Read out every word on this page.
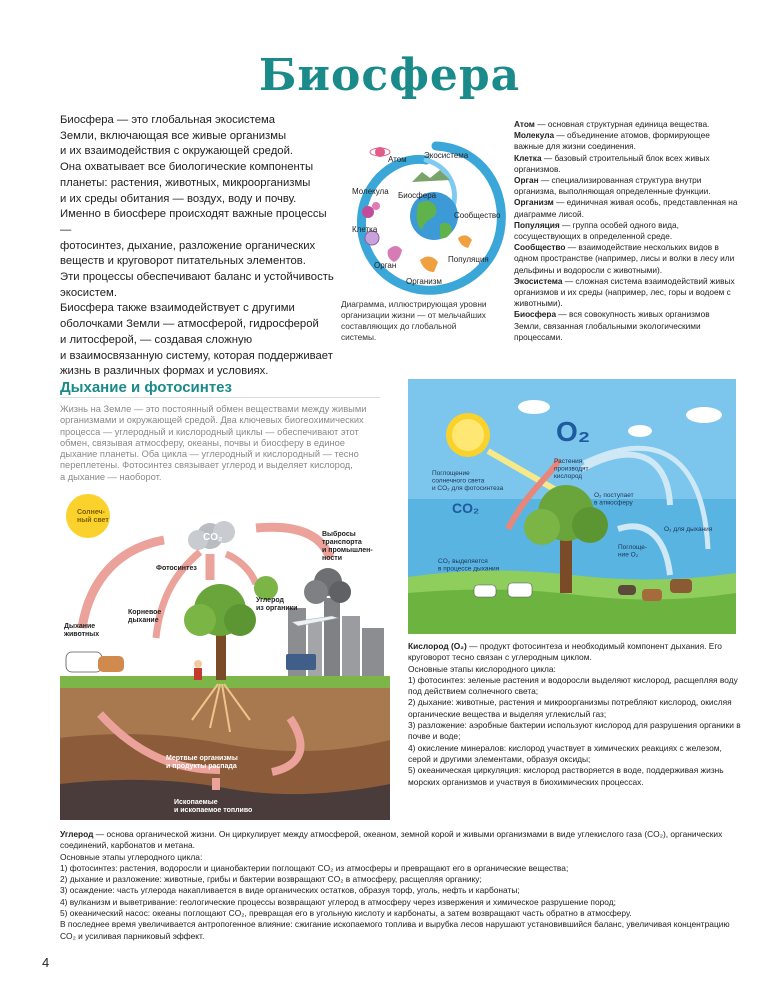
Биосфера

Биосфера — это глобальная экосистема

Земли, включающая все живые организмы

и их взаимодействия с окружающей средой.

Она охватывает все биологические компоненты

планеты: растения, животных, микроорганизмы

и их среды обитания — воздух, воду и почву.

Именно в биосфере происходят важные процессы —

фотосинтез, дыхание, разложение органических

веществ и круговорот питательных элементов.

Эти процессы обеспечивают баланс и устойчивость

экосистем.

Биосфера также взаимодействует с другими

оболочками Земли — атмосферой, гидросферой

и литосферой, — создавая сложную

и взаимосвязанную систему, которая поддерживает

жизнь в различных формах и условиях.

Атом Экосистема
Молекула Биосфера
Сообщество
Клетка
Популяция
Орган
Организм
Диаграмма, иллюстрирующая уровни
организации жизни — от мельчайших
составляющих до глобальной
системы.

Атом — основная структурная единица вещества.

Молекула — объединение атомов, формирующее важные для жизни соединения.

Клетка — базовый строительный блок всех живых организмов.

Орган — специализированная структура внутри организма, выполняющая определенные функции.

Организм — единичная живая особь, представленная на диаграмме лисой.

Популяция — группа особей одного вида, сосуществующих в определенной среде.

Сообщество — взаимодействие нескольких видов в одном пространстве (например, лисы и волки в лесу или дельфины и водоросли с животными).

Экосистема — сложная система взаимодействий живых организмов и их среды (например, лес, горы и водоем с животными).

Биосфера — вся совокупность живых организмов Земли, связанная глобальными экологическими процессами.

Дыхание и фотосинтез
Жизнь на Земле — это постоянный обмен веществами между живыми
организмами и окружающей средой. Два ключевых биогеохимических
процесса — углеродный и кислородный циклы — обеспечивают этот
обмен, связывая атмосферу, океаны, почвы и биосферу в единое
дыхание планеты. Оба цикла — углеродный и кислородный — тесно
переплетены. Фотосинтез связывает углерод и выделяет кислород,
а дыхание — наоборот.
CO₂
Солнеч-ный свет
Фотосинтез
Корневое дыхание
Дыхание животных
Углерод из органики
Выбросы транспорта и промышлен-ности
Мертвые организмы и продукты распада
Ископаемые и ископаемое топливо
O₂
CO₂
Растения производят кислород
Поглощение солнечного света и CO₂ для фотосинтеза
O₂ поступает в атмосферу
O₂ для дыхания
Поглоще-ние O₂
CO₂ выделяется в процессе дыхания

Кислород (O₂) — продукт фотосинтеза и необходимый компонент дыхания. Его круговорот тесно связан с углеродным циклом.

Основные этапы кислородного цикла:

1) фотосинтез: зеленые растения и водоросли выделяют кислород, расщепляя воду под действием солнечного света;

2) дыхание: животные, растения и микроорганизмы потребляют кислород, окисляя органические вещества и выделяя углекислый газ;

3) разложение: аэробные бактерии используют кислород для разрушения органики в почве и воде;

4) окисление минералов: кислород участвует в химических реакциях с железом, серой и другими элементами, образуя оксиды;

5) океаническая циркуляция: кислород растворяется в воде, поддерживая жизнь морских организмов и участвуя в биохимических процессах.

Углерод — основа органической жизни. Он циркулирует между атмосферой, океаном, земной корой и живыми организмами в виде углекислого газа (CO₂), органических соединений, карбонатов и метана.

Основные этапы углеродного цикла:

1) фотосинтез: растения, водоросли и цианобактерии поглощают CO₂ из атмосферы и превращают его в органические вещества;

2) дыхание и разложение: животные, грибы и бактерии возвращают CO₂ в атмосферу, расщепляя органику;

3) осаждение: часть углерода накапливается в виде органических остатков, образуя торф, уголь, нефть и карбонаты;

4) вулканизм и выветривание: геологические процессы возвращают углерод в атмосферу через извержения и химическое разрушение пород;

5) океанический насос: океаны поглощают CO₂, превращая его в угольную кислоту и карбонаты, а затем возвращают часть обратно в атмосферу.

В последнее время увеличивается антропогенное влияние: сжигание ископаемого топлива и вырубка лесов нарушают установившийся баланс, увеличивая концентрацию CO₂ и усиливая парниковый эффект.

4
